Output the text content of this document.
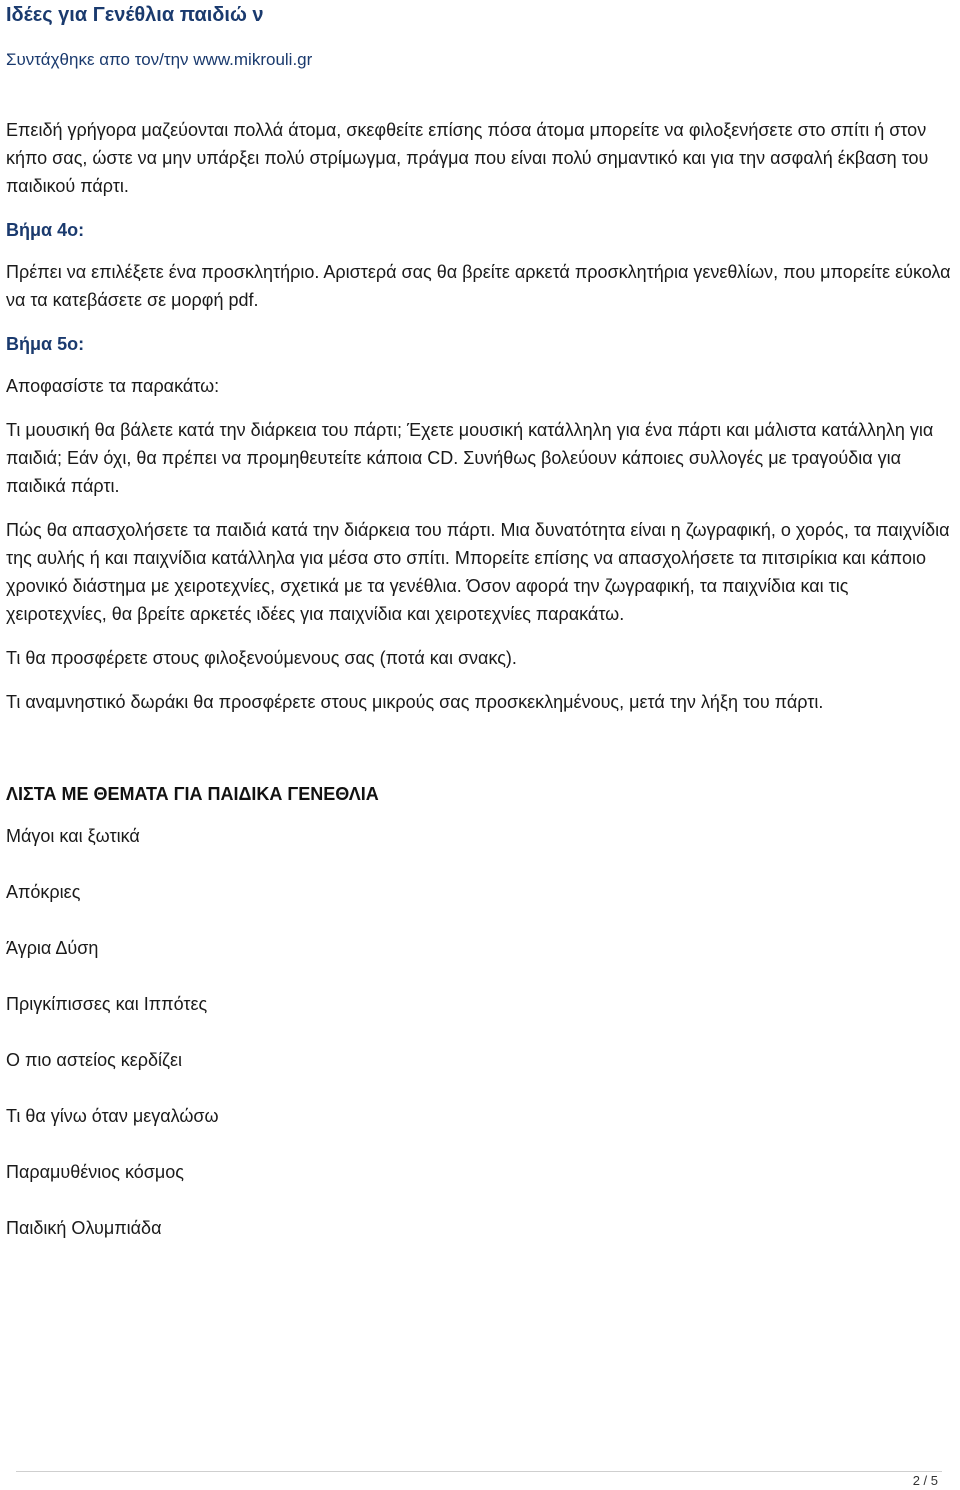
Ιδέες για Γενέθλια παιδιώ ν
Συντάχθηκε απο τον/την www.mikrouli.gr

Επειδή γρήγορα μαζεύονται πολλά άτομα, σκεφθείτε επίσης πόσα άτομα μπορείτε να φιλοξενήσετε στο σπίτι ή στον κήπο σας, ώστε να μην υπάρξει πολύ στρίμωγμα, πράγμα που είναι πολύ σημαντικό και για την ασφαλή έκβαση του παιδικού πάρτι.

Βήμα 4ο:

Πρέπει να επιλέξετε ένα προσκλητήριο. Αριστερά σας θα βρείτε αρκετά προσκλητήρια γενεθλίων, που μπορείτε εύκολα να τα κατεβάσετε σε μορφή pdf.

Βήμα 5ο:

Αποφασίστε τα παρακάτω:

Τι μουσική θα βάλετε κατά την διάρκεια του πάρτι; Έχετε μουσική κατάλληλη για ένα πάρτι και μάλιστα κατάλληλη για παιδιά; Εάν όχι, θα πρέπει να προμηθευτείτε κάποια CD. Συνήθως βολεύουν κάποιες συλλογές με τραγούδια για παιδικά πάρτι.

Πώς θα απασχολήσετε τα παιδιά κατά την διάρκεια του πάρτι. Μια δυνατότητα είναι η ζωγραφική, ο χορός, τα παιχνίδια της αυλής ή και παιχνίδια κατάλληλα για μέσα στο σπίτι. Μπορείτε επίσης να απασχολήσετε τα πιτσιρίκια και κάποιο χρονικό διάστημα με χειροτεχνίες, σχετικά με τα γενέθλια. Όσον αφορά την ζωγραφική, τα παιχνίδια και τις χειροτεχνίες, θα βρείτε αρκετές ιδέες για παιχνίδια και χειροτεχνίες παρακάτω.

Τι θα προσφέρετε στους φιλοξενούμενους σας (ποτά και σνακς).

Τι αναμνηστικό δωράκι θα προσφέρετε στους μικρούς σας προσκεκλημένους, μετά την λήξη του πάρτι.

ΛΙΣΤΑ ΜΕ ΘΕΜΑΤΑ ΓΙΑ ΠΑΙΔΙΚΑ ΓΕΝΕΘΛΙΑ
Μάγοι και ξωτικά
Απόκριες
Άγρια Δύση
Πριγκίπισσες και Ιππότες
Ο πιο αστείος κερδίζει
Τι θα γίνω όταν μεγαλώσω
Παραμυθένιος κόσμος
Παιδική Ολυμπιάδα
2 / 5
